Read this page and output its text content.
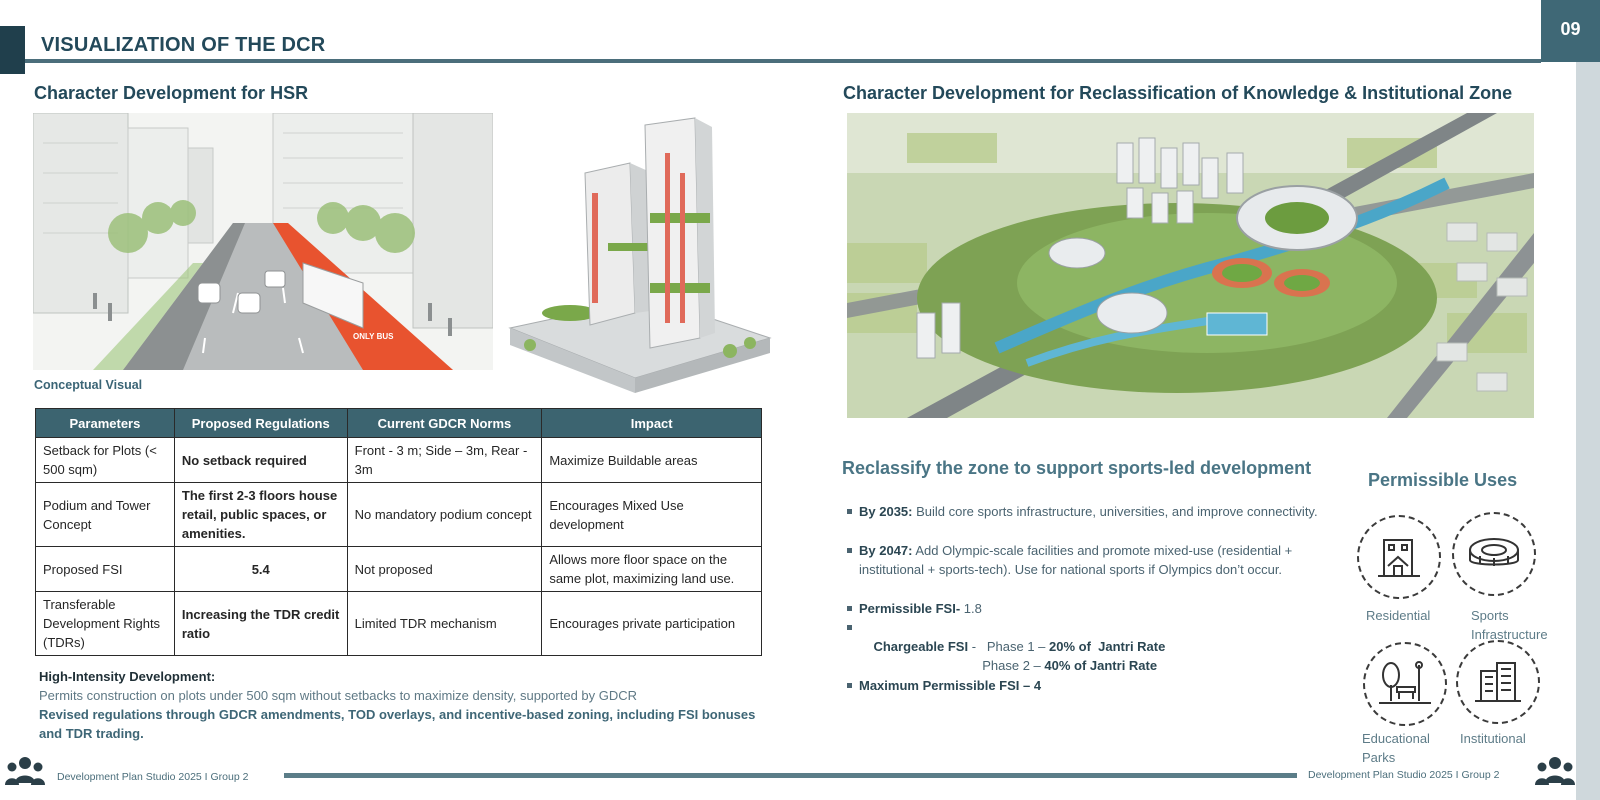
VISUALIZATION OF THE DCR
09
Character Development for HSR
ONLY BUS
Conceptual Visual
Parameters	Proposed Regulations	Current GDCR Norms	Impact
Setback for Plots (< 500 sqm)	No setback required	Front - 3 m; Side – 3m, Rear - 3m	Maximize Buildable areas
Podium and Tower Concept	The first 2-3 floors house retail, public spaces, or amenities.	No mandatory podium concept	Encourages Mixed Use development
Proposed FSI	5.4	Not proposed	Allows more floor space on the same plot, maximizing land use.
Transferable Development Rights (TDRs)	Increasing the TDR credit ratio	Limited TDR mechanism	Encourages private participation
High-Intensity Development:
Permits construction on plots under 500 sqm without setbacks to maximize density, supported by GDCR
Revised regulations through GDCR amendments, TOD overlays, and incentive-based zoning, including FSI bonuses and TDR trading.
Character Development for Reclassification of Knowledge & Institutional Zone
Reclassify the zone to support sports-led development
By 2035: Build core sports infrastructure, universities, and improve connectivity.
By 2047: Add Olympic-scale facilities and promote mixed-use (residential + institutional + sports-tech). Use for national sports if Olympics don’t occur.
Permissible FSI- 1.8

Chargeable FSI -   Phase 1 – 20% of  Jantri Rate

Phase 2 – 40% of Jantri Rate

Maximum Permissible FSI – 4
Permissible Uses
Residential	Sports Infrastructure
Educational Parks
Institutional
Development Plan Studio 2025 I Group 2	Development Plan Studio 2025 I Group 2
